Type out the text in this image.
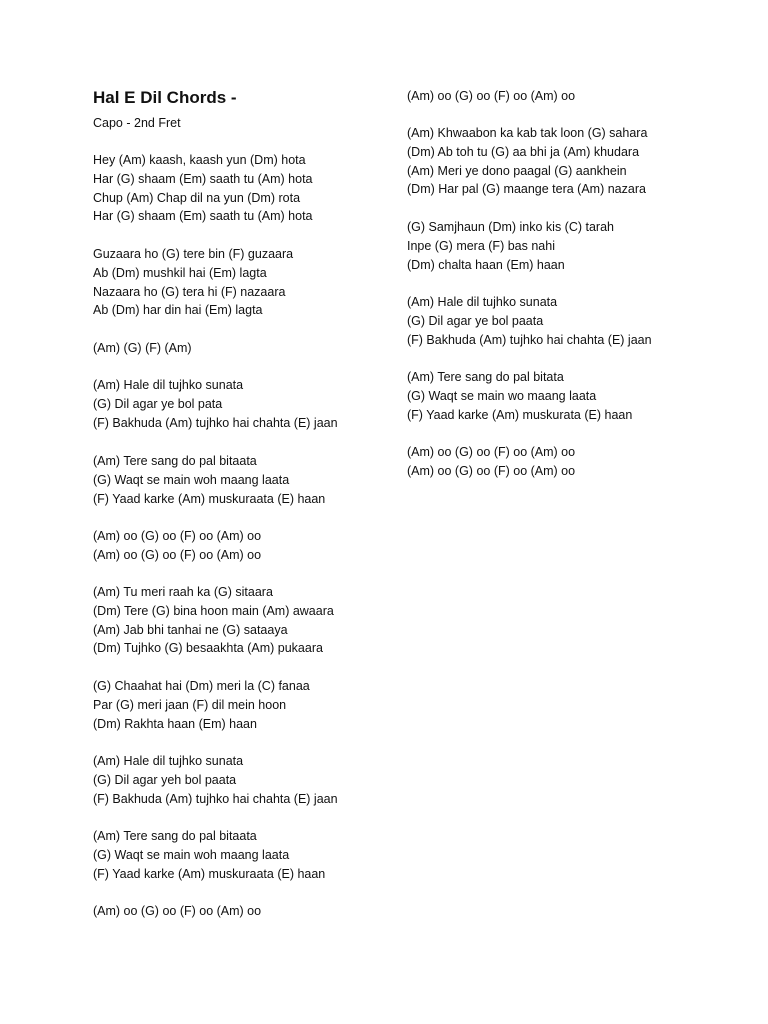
Hal E Dil Chords -
Capo - 2nd Fret
Hey (Am) kaash, kaash yun (Dm) hota
Har (G) shaam (Em) saath tu (Am) hota
Chup (Am) Chap dil na yun (Dm) rota
Har (G) shaam (Em) saath tu (Am) hota
Guzaara ho (G) tere bin (F) guzaara
Ab (Dm) mushkil hai (Em) lagta
Nazaara ho (G) tera hi (F) nazaara
Ab (Dm) har din hai (Em) lagta
(Am) (G) (F) (Am)
(Am) Hale dil tujhko sunata
(G) Dil agar ye bol pata
(F) Bakhuda (Am) tujhko hai chahta (E) jaan
(Am) Tere sang do pal bitaata
(G) Waqt se main woh maang laata
(F) Yaad karke (Am) muskuraata (E) haan
(Am) oo (G) oo (F) oo (Am) oo
(Am) oo (G) oo (F) oo (Am) oo
(Am) Tu meri raah ka (G) sitaara
(Dm) Tere (G) bina hoon main (Am) awaara
(Am) Jab bhi tanhai ne (G) sataaya
(Dm) Tujhko (G) besaakhta (Am) pukaara
(G) Chaahat hai (Dm) meri la (C) fanaa
Par (G) meri jaan (F) dil mein hoon
(Dm) Rakhta haan (Em) haan
(Am) Hale dil tujhko sunata
(G) Dil agar yeh bol paata
(F) Bakhuda (Am) tujhko hai chahta (E) jaan
(Am) Tere sang do pal bitaata
(G) Waqt se main woh maang laata
(F) Yaad karke (Am) muskuraata (E) haan
(Am) oo (G) oo (F) oo (Am) oo
(Am) oo (G) oo (F) oo (Am) oo
(Am) Khwaabon ka kab tak loon (G) sahara
(Dm) Ab toh tu (G) aa bhi ja (Am) khudara
(Am) Meri ye dono paagal (G) aankhein
(Dm) Har pal (G) maange tera (Am) nazara
(G) Samjhaun (Dm) inko kis (C) tarah
Inpe (G) mera (F) bas nahi
(Dm) chalta haan (Em) haan
(Am) Hale dil tujhko sunata
(G) Dil agar ye bol paata
(F) Bakhuda (Am) tujhko hai chahta (E) jaan
(Am) Tere sang do pal bitata
(G) Waqt se main wo maang laata
(F) Yaad karke (Am) muskurata (E) haan
(Am) oo (G) oo (F) oo (Am) oo
(Am) oo (G) oo (F) oo (Am) oo
